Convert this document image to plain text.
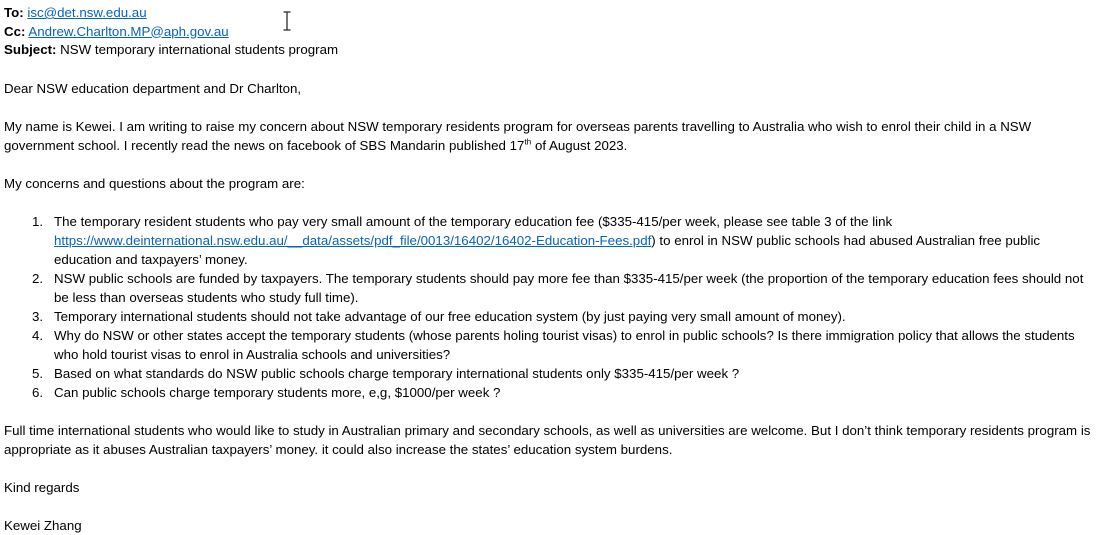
To: isc@det.nsw.edu.au
Cc: Andrew.Charlton.MP@aph.gov.au
Subject: NSW temporary international students program

Dear NSW education department and Dr Charlton,

My name is Kewei. I am writing to raise my concern about NSW temporary residents program for overseas parents travelling to Australia who wish to enrol their child in a NSW government school. I recently read the news on facebook of SBS Mandarin published 17th of August 2023.

My concerns and questions about the program are:

The temporary resident students who pay very small amount of the temporary education fee ($335-415/per week, please see table 3 of the link https://www.deinternational.nsw.edu.au/__data/assets/pdf_file/0013/16402/16402-Education-Fees.pdf) to enrol in NSW public schools had abused Australian free public education and taxpayers’ money.
NSW public schools are funded by taxpayers. The temporary students should pay more fee than $335-415/per week (the proportion of the temporary education fees should not be less than overseas students who study full time).
Temporary international students should not take advantage of our free education system (by just paying very small amount of money).
Why do NSW or other states accept the temporary students (whose parents holing tourist visas) to enrol in public schools? Is there immigration policy that allows the students who hold tourist visas to enrol in Australia schools and universities?
Based on what standards do NSW public schools charge temporary international students only $335-415/per week ?
Can public schools charge temporary students more, e,g, $1000/per week ?

Full time international students who would like to study in Australian primary and secondary schools, as well as universities are welcome. But I don’t think temporary residents program is appropriate as it abuses Australian taxpayers’ money. it could also increase the states’ education system burdens.

Kind regards

Kewei Zhang
